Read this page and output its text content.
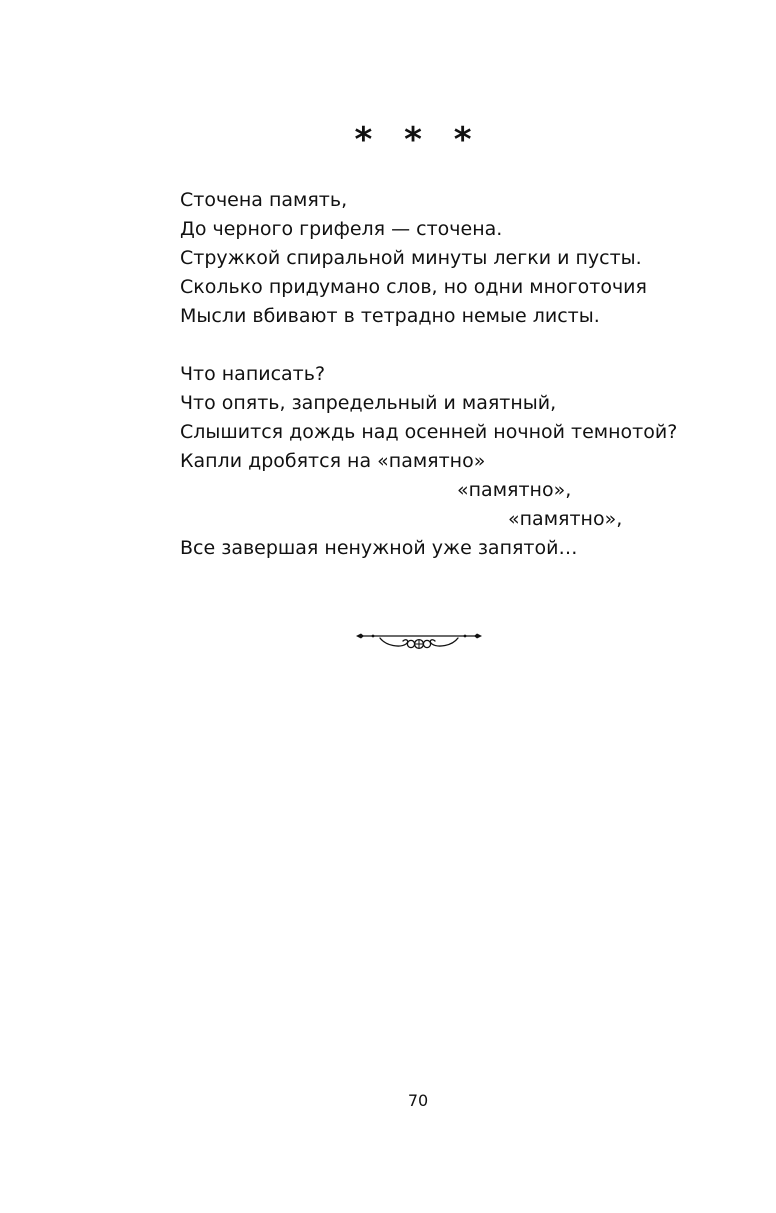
* * *
Сточена память,
До черного грифеля — сточена.
Стружкой спиральной минуты легки и пусты.
Сколько придумано слов, но одни многоточия
Мысли вбивают в тетрадно немые листы.
Что написать?
Что опять, запредельный и маятный,
Слышится дождь над осенней ночной темнотой?
Капли дробятся на «памятно»
«памятно»,
«памятно»,
Все завершая ненужной уже запятой…
70
